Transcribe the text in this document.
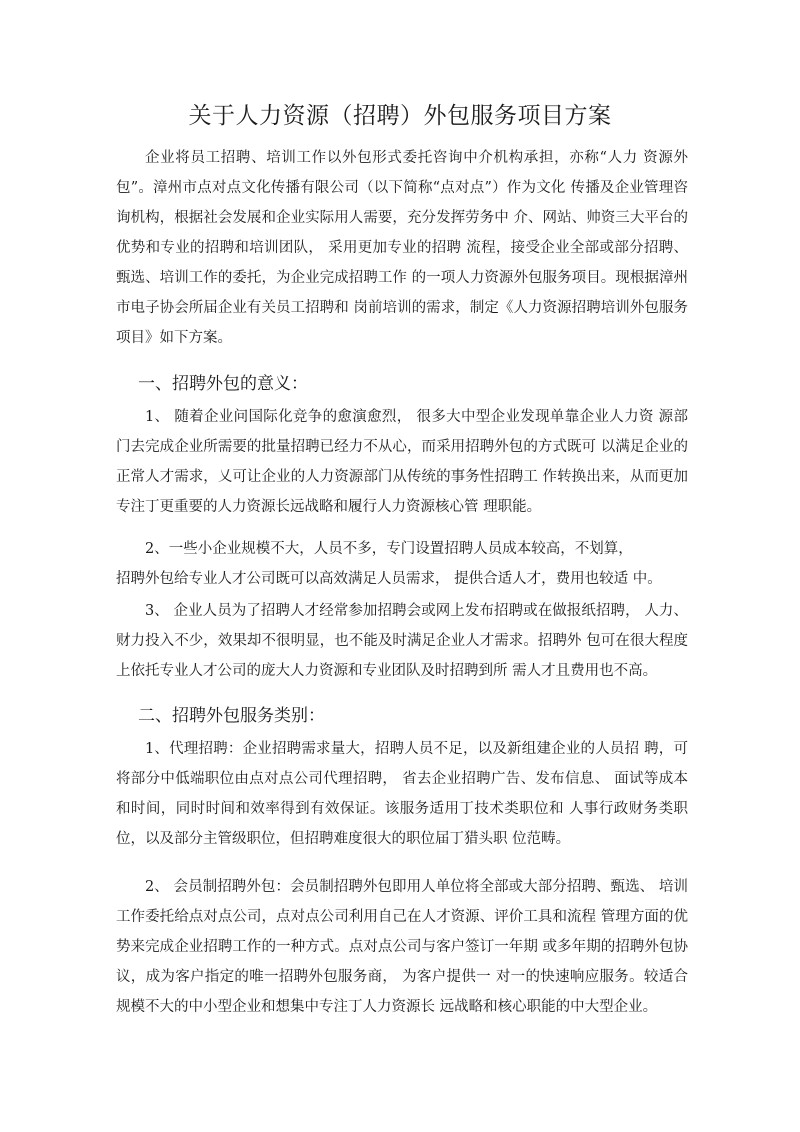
关于人力资源（招聘）外包服务项目方案

企业将员工招聘、培训工作以外包形式委托咨询中介机构承担，亦称“人力 资源外包”。漳州市点对点文化传播有限公司（以下简称“点对点”）作为文化 传播及企业管理咨询机构，根据社会发展和企业实际用人需要，充分发挥劳务中 介、网站、帅资三大平台的优势和专业的招聘和培训团队， 采用更加专业的招聘 流程，接受企业全部或部分招聘、甄选、培训工作的委托，为企业完成招聘工作 的一项人力资源外包服务项目。现根据漳州市电子协会所届企业有关员工招聘和 岗前培训的需求，制定《人力资源招聘培训外包服务项目》如下方案。

一、招聘外包的意义：

1、 随着企业问国际化竞争的愈演愈烈， 很多大中型企业发现单靠企业人力资 源部门去完成企业所需要的批量招聘已经力不从心，而采用招聘外包的方式既可 以满足企业的正常人才需求，乂可让企业的人力资源部门从传统的事务性招聘工 作转换出来，从而更加专注丁更重要的人力资源长远战略和履行人力资源核心管 理职能。

2、一些小企业规模不大，人员不多，专门设置招聘人员成本较高，不划算，

招聘外包给专业人才公司既可以高效满足人员需求， 提供合适人才，费用也较适 中。

3、 企业人员为了招聘人才经常参加招聘会或网上发布招聘或在做报纸招聘， 人力、财力投入不少，效果却不很明显，也不能及时满足企业人才需求。招聘外 包可在很大程度上依托专业人才公司的庞大人力资源和专业团队及时招聘到所 需人才且费用也不高。

二、招聘外包服务类别：

1、代理招聘：企业招聘需求量大，招聘人员不足，以及新组建企业的人员招 聘，可将部分中低端职位由点对点公司代理招聘， 省去企业招聘广告、发布信息、 面试等成本和时间，同时时间和效率得到有效保证。该服务适用丁技术类职位和 人事行政财务类职位，以及部分主管级职位，但招聘难度很大的职位届丁猎头职 位范畴。

2、 会员制招聘外包：会员制招聘外包即用人单位将全部或大部分招聘、甄选、 培训工作委托给点对点公司，点对点公司利用自己在人才资源、评价工具和流程 管理方面的优势来完成企业招聘工作的一种方式。点对点公司与客户签订一年期 或多年期的招聘外包协议，成为客户指定的唯一招聘外包服务商， 为客户提供一 对一的快速响应服务。较适合规模不大的中小型企业和想集中专注丁人力资源长 远战略和核心职能的中大型企业。
